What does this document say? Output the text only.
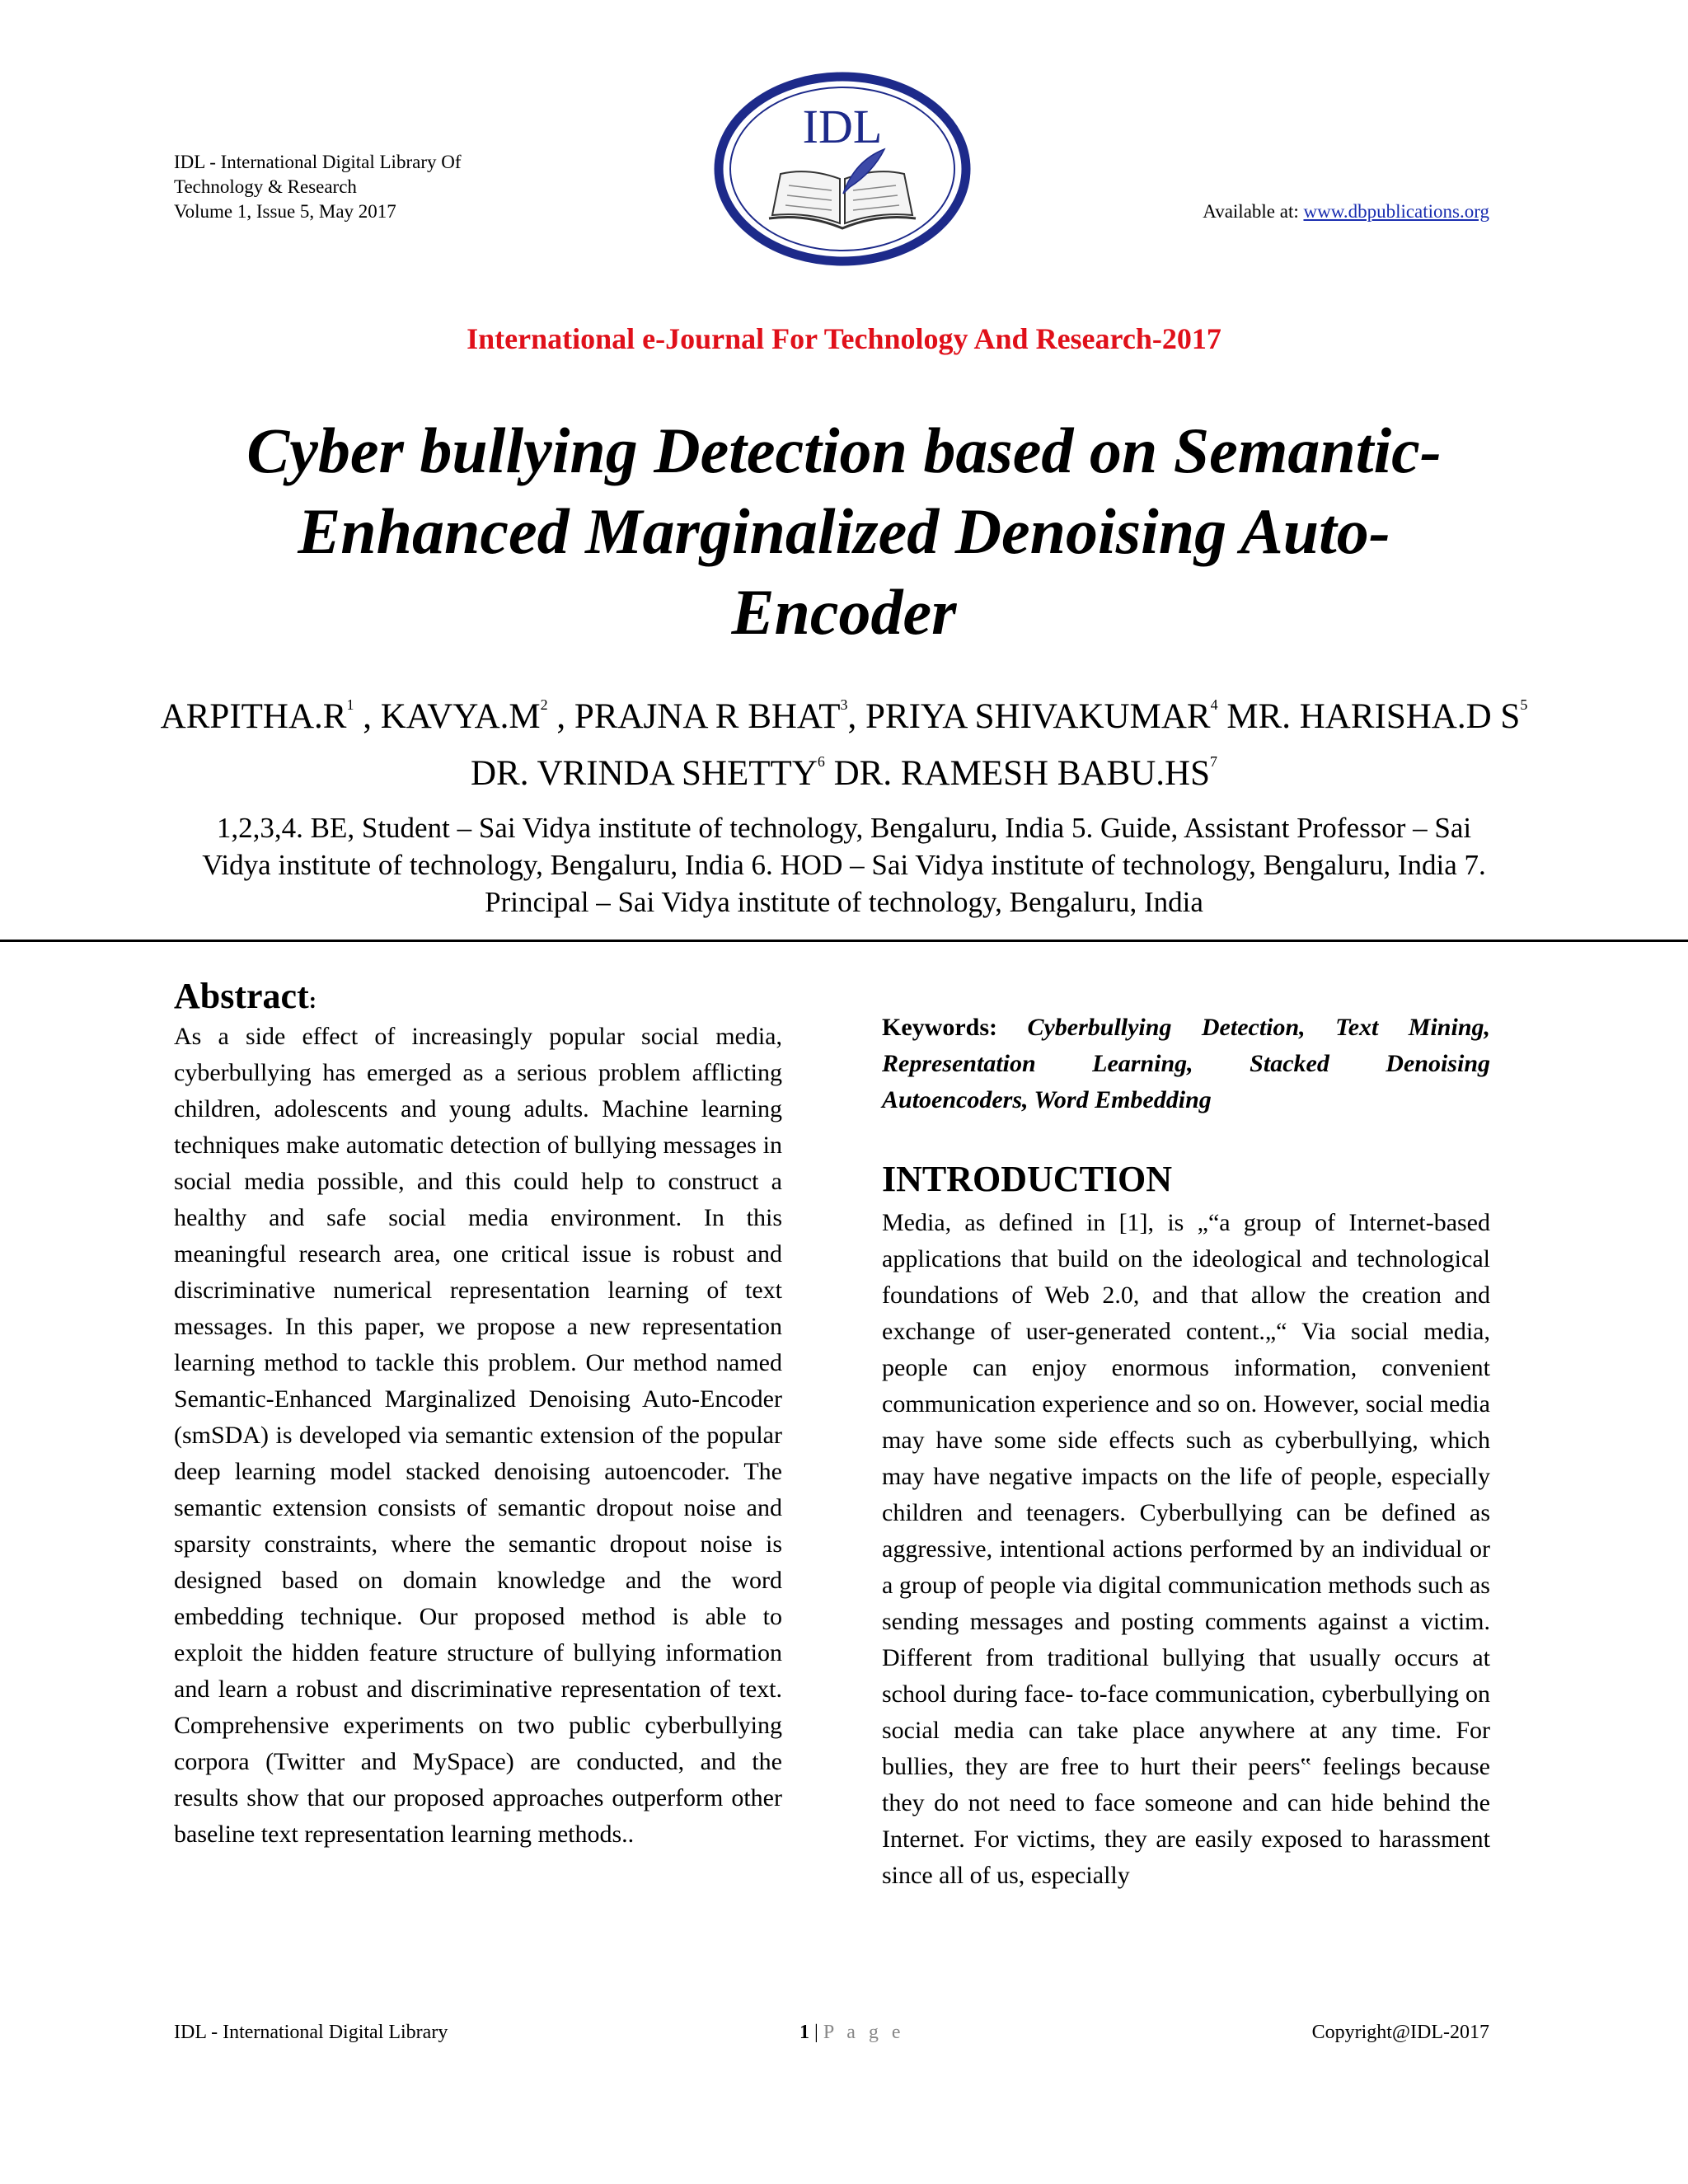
IDL - International Digital Library Of
Technology & Research
Volume 1, Issue 5, May 2017	Available at: www.dbpublications.org
IDL
International e-Journal For Technology And Research-2017
Cyber bullying Detection based on Semantic-
Enhanced Marginalized Denoising Auto-
Encoder
$ARPITHA.R^1$ , $KAVYA.M^2$ , PRAJNA R BHAT$^3$, PRIYA SHIVAKUMAR$^4$ MR. HARISHA.D $S^5$ DR. VRINDA SHETTY$^6$ DR. RAMESH $BABU.HS^7$
1,2,3,4. BE, Student – Sai Vidya institute of technology, Bengaluru, India 5. Guide, Assistant Professor – Sai Vidya institute of technology, Bengaluru, India 6. HOD – Sai Vidya institute of technology, Bengaluru, India 7. Principal – Sai Vidya institute of technology, Bengaluru, India
Abstract:
As a side effect of increasingly popular social media, cyberbullying has emerged as a serious problem afflicting children, adolescents and young adults. Machine learning techniques make automatic detection of bullying messages in social media possible, and this could help to construct a healthy and safe social media environment. In this meaningful research area, one critical issue is robust and discriminative numerical representation learning of text messages. In this paper, we propose a new representation learning method to tackle this problem. Our method named Semantic-Enhanced Marginalized Denoising Auto-Encoder (smSDA) is developed via semantic extension of the popular deep learning model stacked denoising autoencoder. The semantic extension consists of semantic dropout noise and sparsity constraints, where the semantic dropout noise is designed based on domain knowledge and the word embedding technique. Our proposed method is able to exploit the hidden feature structure of bullying information and learn a robust and discriminative representation of text. Comprehensive experiments on two public cyberbullying corpora (Twitter and MySpace) are conducted, and the results show that our proposed approaches outperform other baseline text representation learning methods..
Keywords: Cyberbullying Detection, Text Mining, Representation Learning, Stacked Denoising Autoencoders, Word Embedding
INTRODUCTION
Media, as defined in [1], is „“a group of Internet-based applications that build on the ideological and technological foundations of Web 2.0, and that allow the creation and exchange of user-generated content.„“ Via social media, people can enjoy enormous information, convenient communication experience and so on. However, social media may have some side effects such as cyberbullying, which may have negative impacts on the life of people, especially children and teenagers. Cyberbullying can be defined as aggressive, intentional actions performed by an individual or a group of people via digital communication methods such as sending messages and posting comments against a victim. Different from traditional bullying that usually occurs at school during face- to-face communication, cyberbullying on social media can take place anywhere at any time. For bullies, they are free to hurt their peers‟ feelings because they do not need to face someone and can hide behind the Internet. For victims, they are easily exposed to harassment since all of us, especially
IDL - International Digital Library	1 | P a g e	Copyright@IDL-2017
